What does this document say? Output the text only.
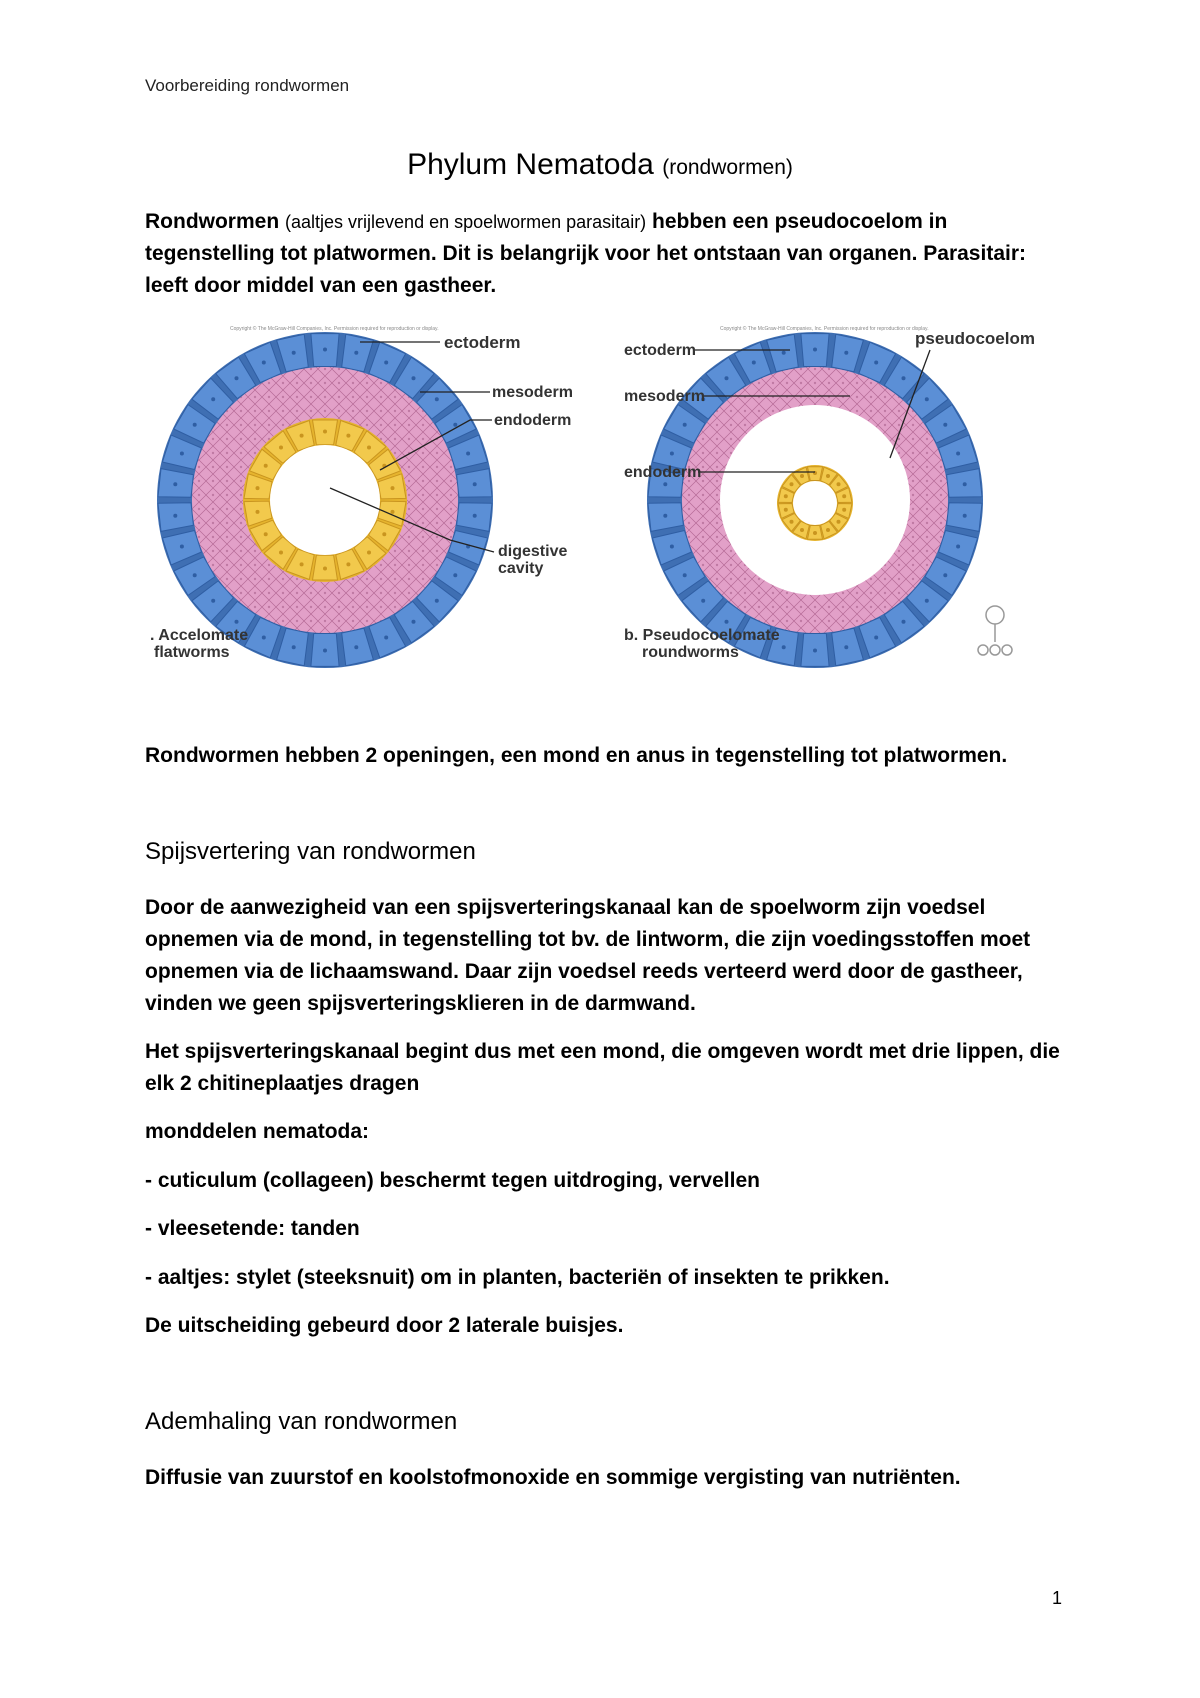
Voorbereiding rondwormen
Phylum Nematoda (rondwormen)
Rondwormen (aaltjes vrijlevend en spoelwormen parasitair) hebben een pseudocoelom in tegenstelling tot platwormen. Dit is belangrijk voor het ontstaan van organen. Parasitair: leeft door middel van een gastheer.
Copyright © The McGraw-Hill Companies, Inc. Permission required for reproduction or display.
ectoderm
mesoderm
endoderm
digestive
cavity
. Accelomate
flatworms
Copyright © The McGraw-Hill Companies, Inc. Permission required for reproduction or display.
ectoderm
mesoderm
endoderm
pseudocoelom
b. Pseudocoelomate
roundworms
Rondwormen hebben 2 openingen, een mond en anus in tegenstelling tot platwormen.
Spijsvertering van rondwormen
Door de aanwezigheid van een spijsverteringskanaal kan de spoelworm zijn voedsel opnemen via de mond, in tegenstelling tot bv. de lintworm, die zijn voedingsstoffen moet opnemen via de lichaamswand. Daar zijn voedsel reeds verteerd werd door de gastheer, vinden we geen spijsverteringsklieren in de darmwand.
Het spijsverteringskanaal begint dus met een mond, die omgeven wordt met drie lippen, die elk 2 chitineplaatjes dragen
monddelen nematoda:
- cuticulum (collageen) beschermt tegen uitdroging, vervellen
- vleesetende: tanden
- aaltjes: stylet (steeksnuit) om in planten, bacteriën of insekten te prikken.
De uitscheiding gebeurd door 2 laterale buisjes.
Ademhaling van rondwormen
Diffusie van zuurstof en koolstofmonoxide en sommige vergisting van nutriënten.
1
